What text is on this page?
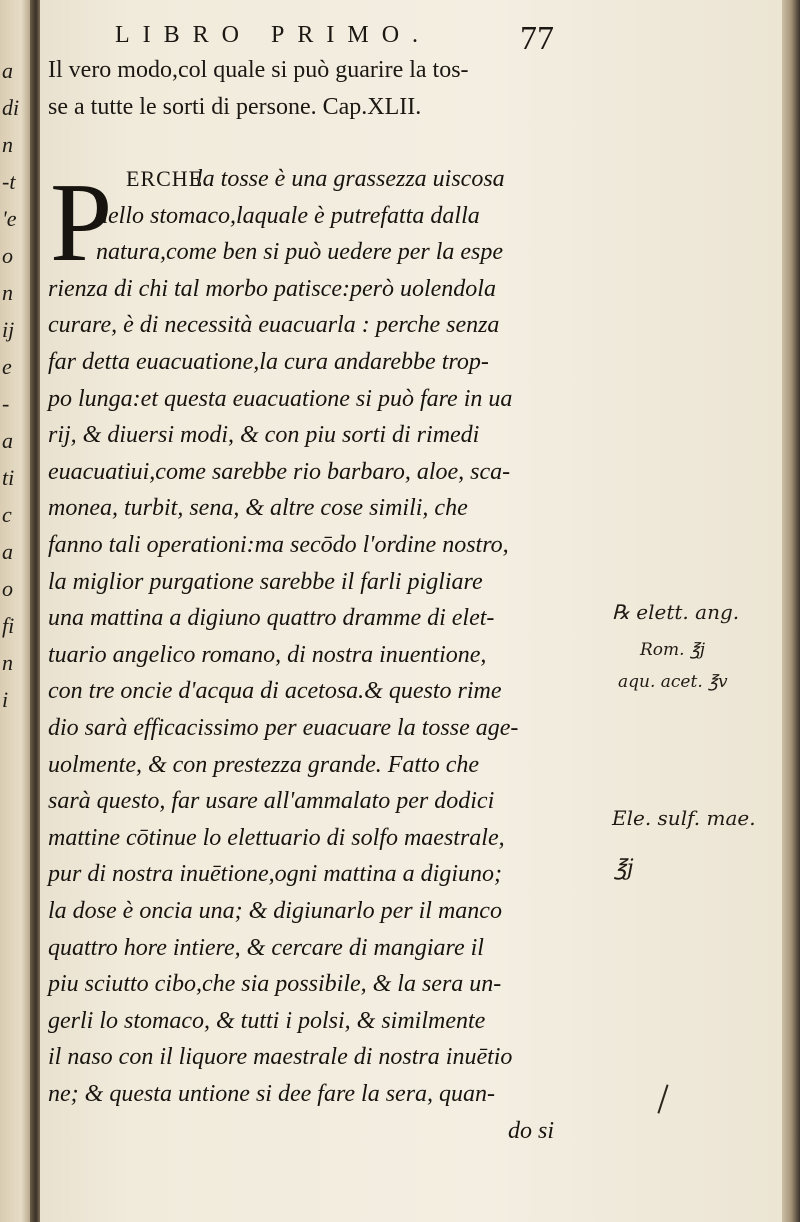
a
di
n
-t
'e
o
n
ij
e
-
a
ti
c
a
o
fi
n
i
LIBRO PRIMO.	77
Il vero modo,col quale si può guarire la tos-
se a tutte le sorti di persone. Cap.XLII.
P ERCHE
la tosse è una grassezza uiscosa
nello stomaco,laquale è putrefatta dalla
natura,come ben si può uedere per la espe
rienza di chi tal morbo patisce:però uolendola
curare, è di necessità euacuarla : perche senza
far detta euacuatione,la cura andarebbe trop-
po lunga:et questa euacuatione si può fare in ua
rij, & diuersi modi, & con piu sorti di rimedi
euacuatiui,come sarebbe rio barbaro, aloe, sca-
monea, turbit, sena, & altre cose simili, che
fanno tali operationi:ma secōdo l'ordine nostro,
la miglior purgatione sarebbe il farli pigliare
una mattina a digiuno quattro dramme di elet-
tuario angelico romano, di nostra inuentione,
con tre oncie d'acqua di acetosa.& questo rime
dio sarà efficacissimo per euacuare la tosse age-
uolmente, & con prestezza grande. Fatto che
sarà questo, far usare all'ammalato per dodici
mattine cōtinue lo elettuario di solfo maestrale,
pur di nostra inuētione,ogni mattina a digiuno;
la dose è oncia una; & digiunarlo per il manco
quattro hore intiere, & cercare di mangiare il
piu sciutto cibo,che sia possibile, & la sera un-
gerli lo stomaco, & tutti i polsi, & similmente
il naso con il liquore maestrale di nostra inuētio
ne; & questa untione si dee fare la sera, quan-
do si
℞ elett. ang.
Rom. ℥j
aqu. acet. ℥v
Ele. sulf. mae.
℥j
